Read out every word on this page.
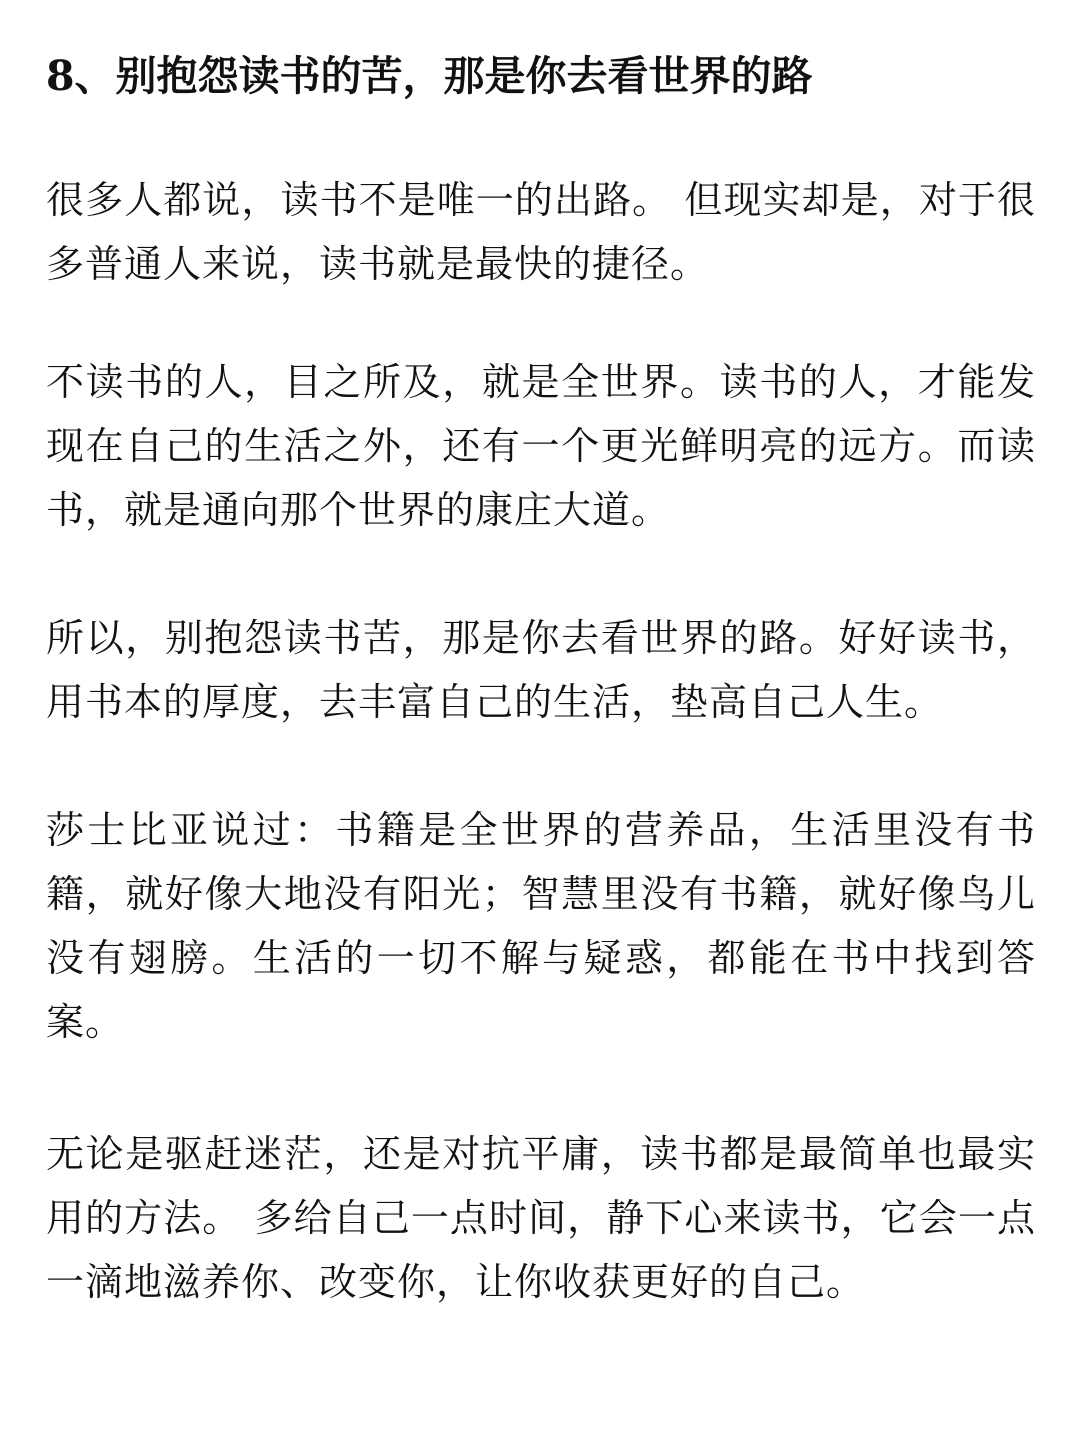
8、别抱怨读书的苦，那是你去看世界的路
很多人都说，读书不是唯一的出路。 但现实却是，对于很多普通人来说，读书就是最快的捷径。
不读书的人，目之所及，就是全世界。读书的人，才能发现在自己的生活之外，还有一个更光鲜明亮的远方。而读书，就是通向那个世界的康庄大道。
所以，别抱怨读书苦，那是你去看世界的路。好好读书，用书本的厚度，去丰富自己的生活，垫高自己人生。
莎士比亚说过：书籍是全世界的营养品，生活里没有书籍，就好像大地没有阳光；智慧里没有书籍，就好像鸟儿没有翅膀。生活的一切不解与疑惑，都能在书中找到答案。
无论是驱赶迷茫，还是对抗平庸，读书都是最简单也最实用的方法。 多给自己一点时间，静下心来读书，它会一点一滴地滋养你、改变你，让你收获更好的自己。
